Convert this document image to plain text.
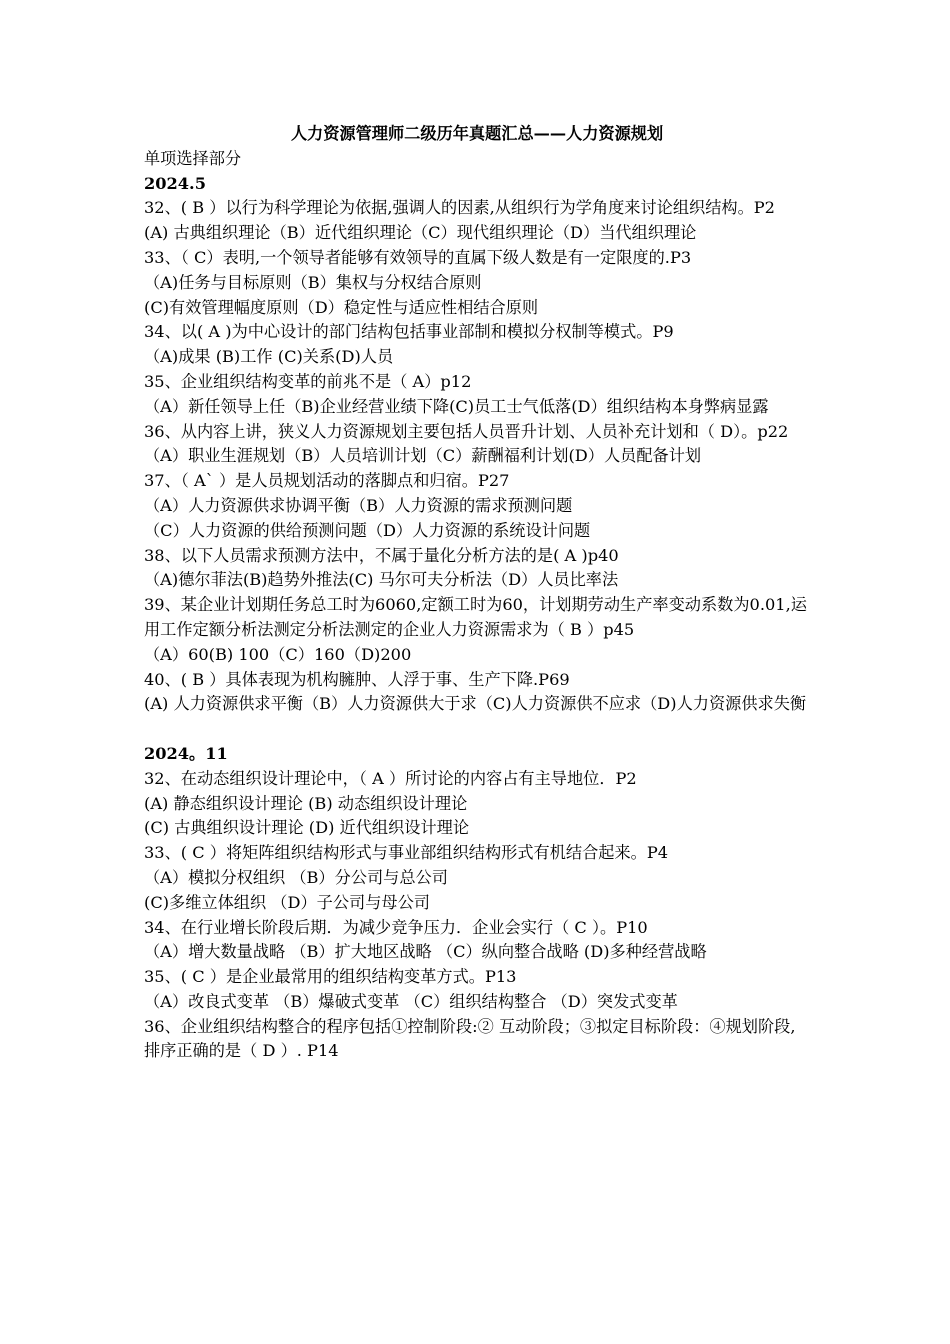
人力资源管理师二级历年真题汇总——人力资源规划

单项选择部分

2024.5

32、( B ）以行为科学理论为依据,强调人的因素,从组织行为学角度来讨论组织结构。P2

(A) 古典组织理论（B）近代组织理论（C）现代组织理论（D）当代组织理论

33、（ C）表明,一个领导者能够有效领导的直属下级人数是有一定限度的.P3

（A)任务与目标原则（B）集权与分权结合原则

(C)有效管理幅度原则（D）稳定性与适应性相结合原则

34、以( A )为中心设计的部门结构包括事业部制和模拟分权制等模式。P9

（A)成果 (B)工作 (C)关系(D)人员

35、企业组织结构变革的前兆不是（ A）p12

（A）新任领导上任（B)企业经营业绩下降(C)员工士气低落(D）组织结构本身弊病显露

36、从内容上讲，狭义人力资源规划主要包括人员晋升计划、人员补充计划和（ D）。p22

（A）职业生涯规划（B）人员培训计划（C）薪酬福利计划(D）人员配备计划

37、（ A` ）是人员规划活动的落脚点和归宿。P27

（A）人力资源供求协调平衡（B）人力资源的需求预测问题

（C）人力资源的供给预测问题（D）人力资源的系统设计问题

38、以下人员需求预测方法中，不属于量化分析方法的是( A )p40

（A)德尔菲法(B)趋势外推法(C) 马尔可夫分析法（D）人员比率法

39、某企业计划期任务总工时为6060,定额工时为60，计划期劳动生产率变动系数为0.01,运用工作定额分析法测定分析法测定的企业人力资源需求为（ B ）p45

（A）60(B) 100（C）160（D)200

40、( B ）具体表现为机构臃肿、人浮于事、生产下降.P69

(A) 人力资源供求平衡（B）人力资源供大于求（C)人力资源供不应求（D)人力资源供求失衡

2024。11

32、在动态组织设计理论中，（ A ）所讨论的内容占有主导地位．P2

(A) 静态组织设计理论 (B) 动态组织设计理论

(C) 古典组织设计理论 (D) 近代组织设计理论

33、( C ）将矩阵组织结构形式与事业部组织结构形式有机结合起来。P4

（A）模拟分权组织 （B）分公司与总公司

(C)多维立体组织 （D）子公司与母公司

34、在行业增长阶段后期．为减少竞争压力．企业会实行（ C ）。P10

（A）增大数量战略 （B）扩大地区战略 （C）纵向整合战略 (D)多种经营战略

35、( C ）是企业最常用的组织结构变革方式。P13

（A）改良式变革 （B）爆破式变革 （C）组织结构整合 （D）突发式变革

36、企业组织结构整合的程序包括①控制阶段:② 互动阶段；③拟定目标阶段：④规划阶段,排序正确的是（ D ）. P14
